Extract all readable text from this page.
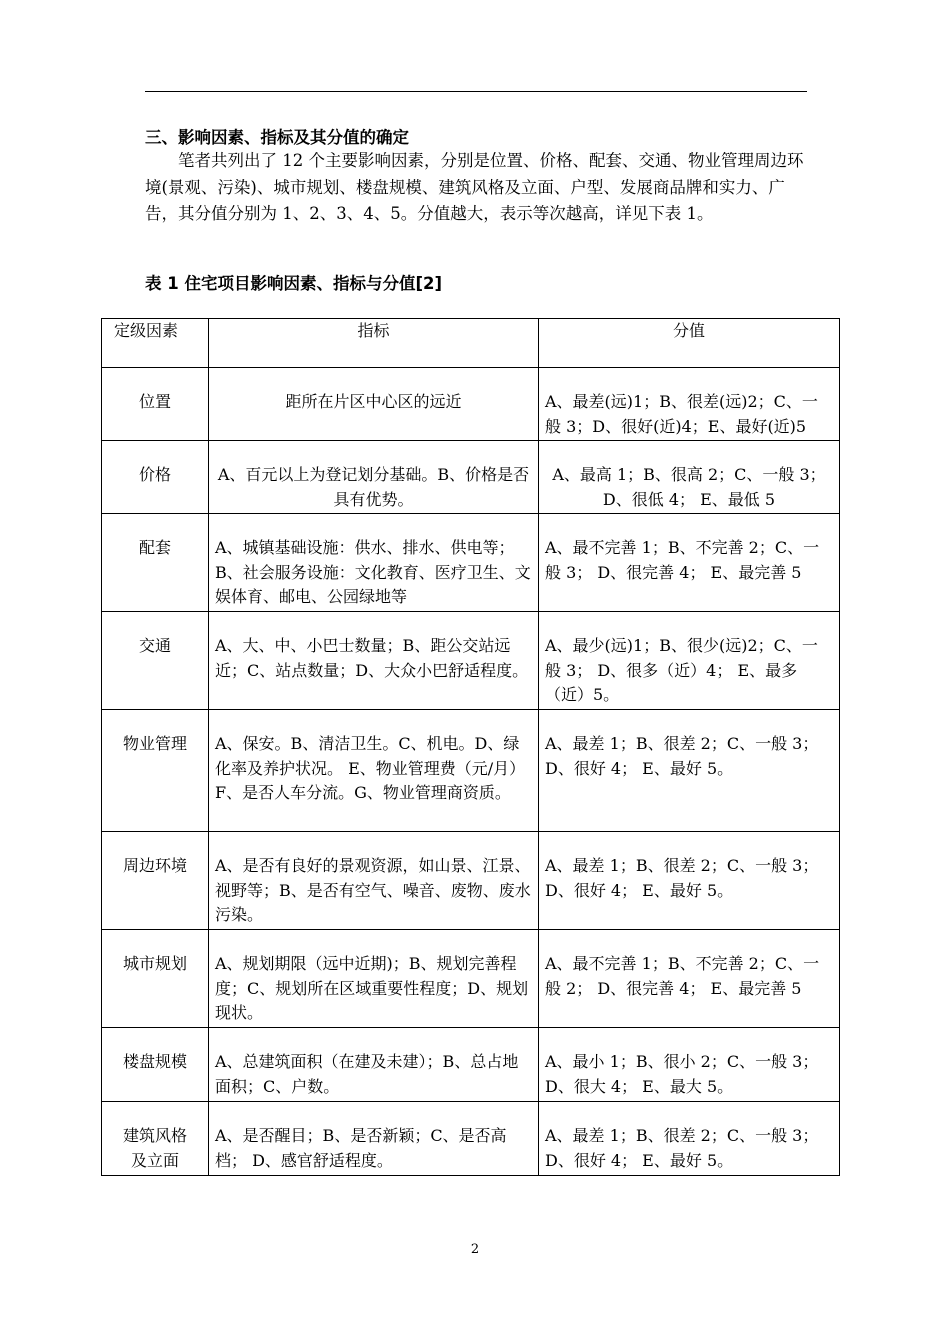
三、影响因素、指标及其分值的确定
笔者共列出了 12 个主要影响因素，分别是位置、价格、配套、交通、物业管理周边环境(景观、污染)、城市规划、楼盘规模、建筑风格及立面、户型、发展商品牌和实力、广告，其分值分别为 1、2、3、4、5。分值越大，表示等次越高，详见下表 1。
表 1 住宅项目影响因素、指标与分值[2]
定级因素	指标	分值
位置	距所在片区中心区的远近	A、最差(远)1；B、很差(远)2；C、一般 3；D、很好(近)4；E、最好(近)5
价格	A、百元以上为登记划分基础。B、价格是否具有优势。	A、最高 1；B、很高 2；C、一般 3；D、很低 4； E、最低 5
配套	A、城镇基础设施：供水、排水、供电等；B、社会服务设施：文化教育、医疗卫生、文娱体育、邮电、公园绿地等	A、最不完善 1；B、不完善 2；C、一般 3； D、很完善 4； E、最完善 5
交通	A、大、中、小巴士数量；B、距公交站远近；C、站点数量；D、大众小巴舒适程度。	A、最少(远)1；B、很少(远)2；C、一般 3； D、很多（近）4； E、最多（近）5。
物业管理	A、保安。B、清洁卫生。C、机电。D、绿化率及养护状况。 E、物业管理费（元/月）F、是否人车分流。G、物业管理商资质。	A、最差 1；B、很差 2；C、一般 3；D、很好 4； E、最好 5。
周边环境	A、是否有良好的景观资源，如山景、江景、视野等；B、是否有空气、噪音、废物、废水污染。	A、最差 1；B、很差 2；C、一般 3；D、很好 4； E、最好 5。
城市规划	A、规划期限（远中近期)；B、规划完善程度；C、规划所在区域重要性程度；D、规划现状。	A、最不完善 1；B、不完善 2；C、一般 2； D、很完善 4； E、最完善 5
楼盘规模	A、总建筑面积（在建及未建）；B、总占地面积；C、户数。	A、最小 1；B、很小 2；C、一般 3；D、很大 4； E、最大 5。
建筑风格及立面	A、是否醒目；B、是否新颖；C、是否高档； D、感官舒适程度。	A、最差 1；B、很差 2；C、一般 3；D、很好 4； E、最好 5。
2
